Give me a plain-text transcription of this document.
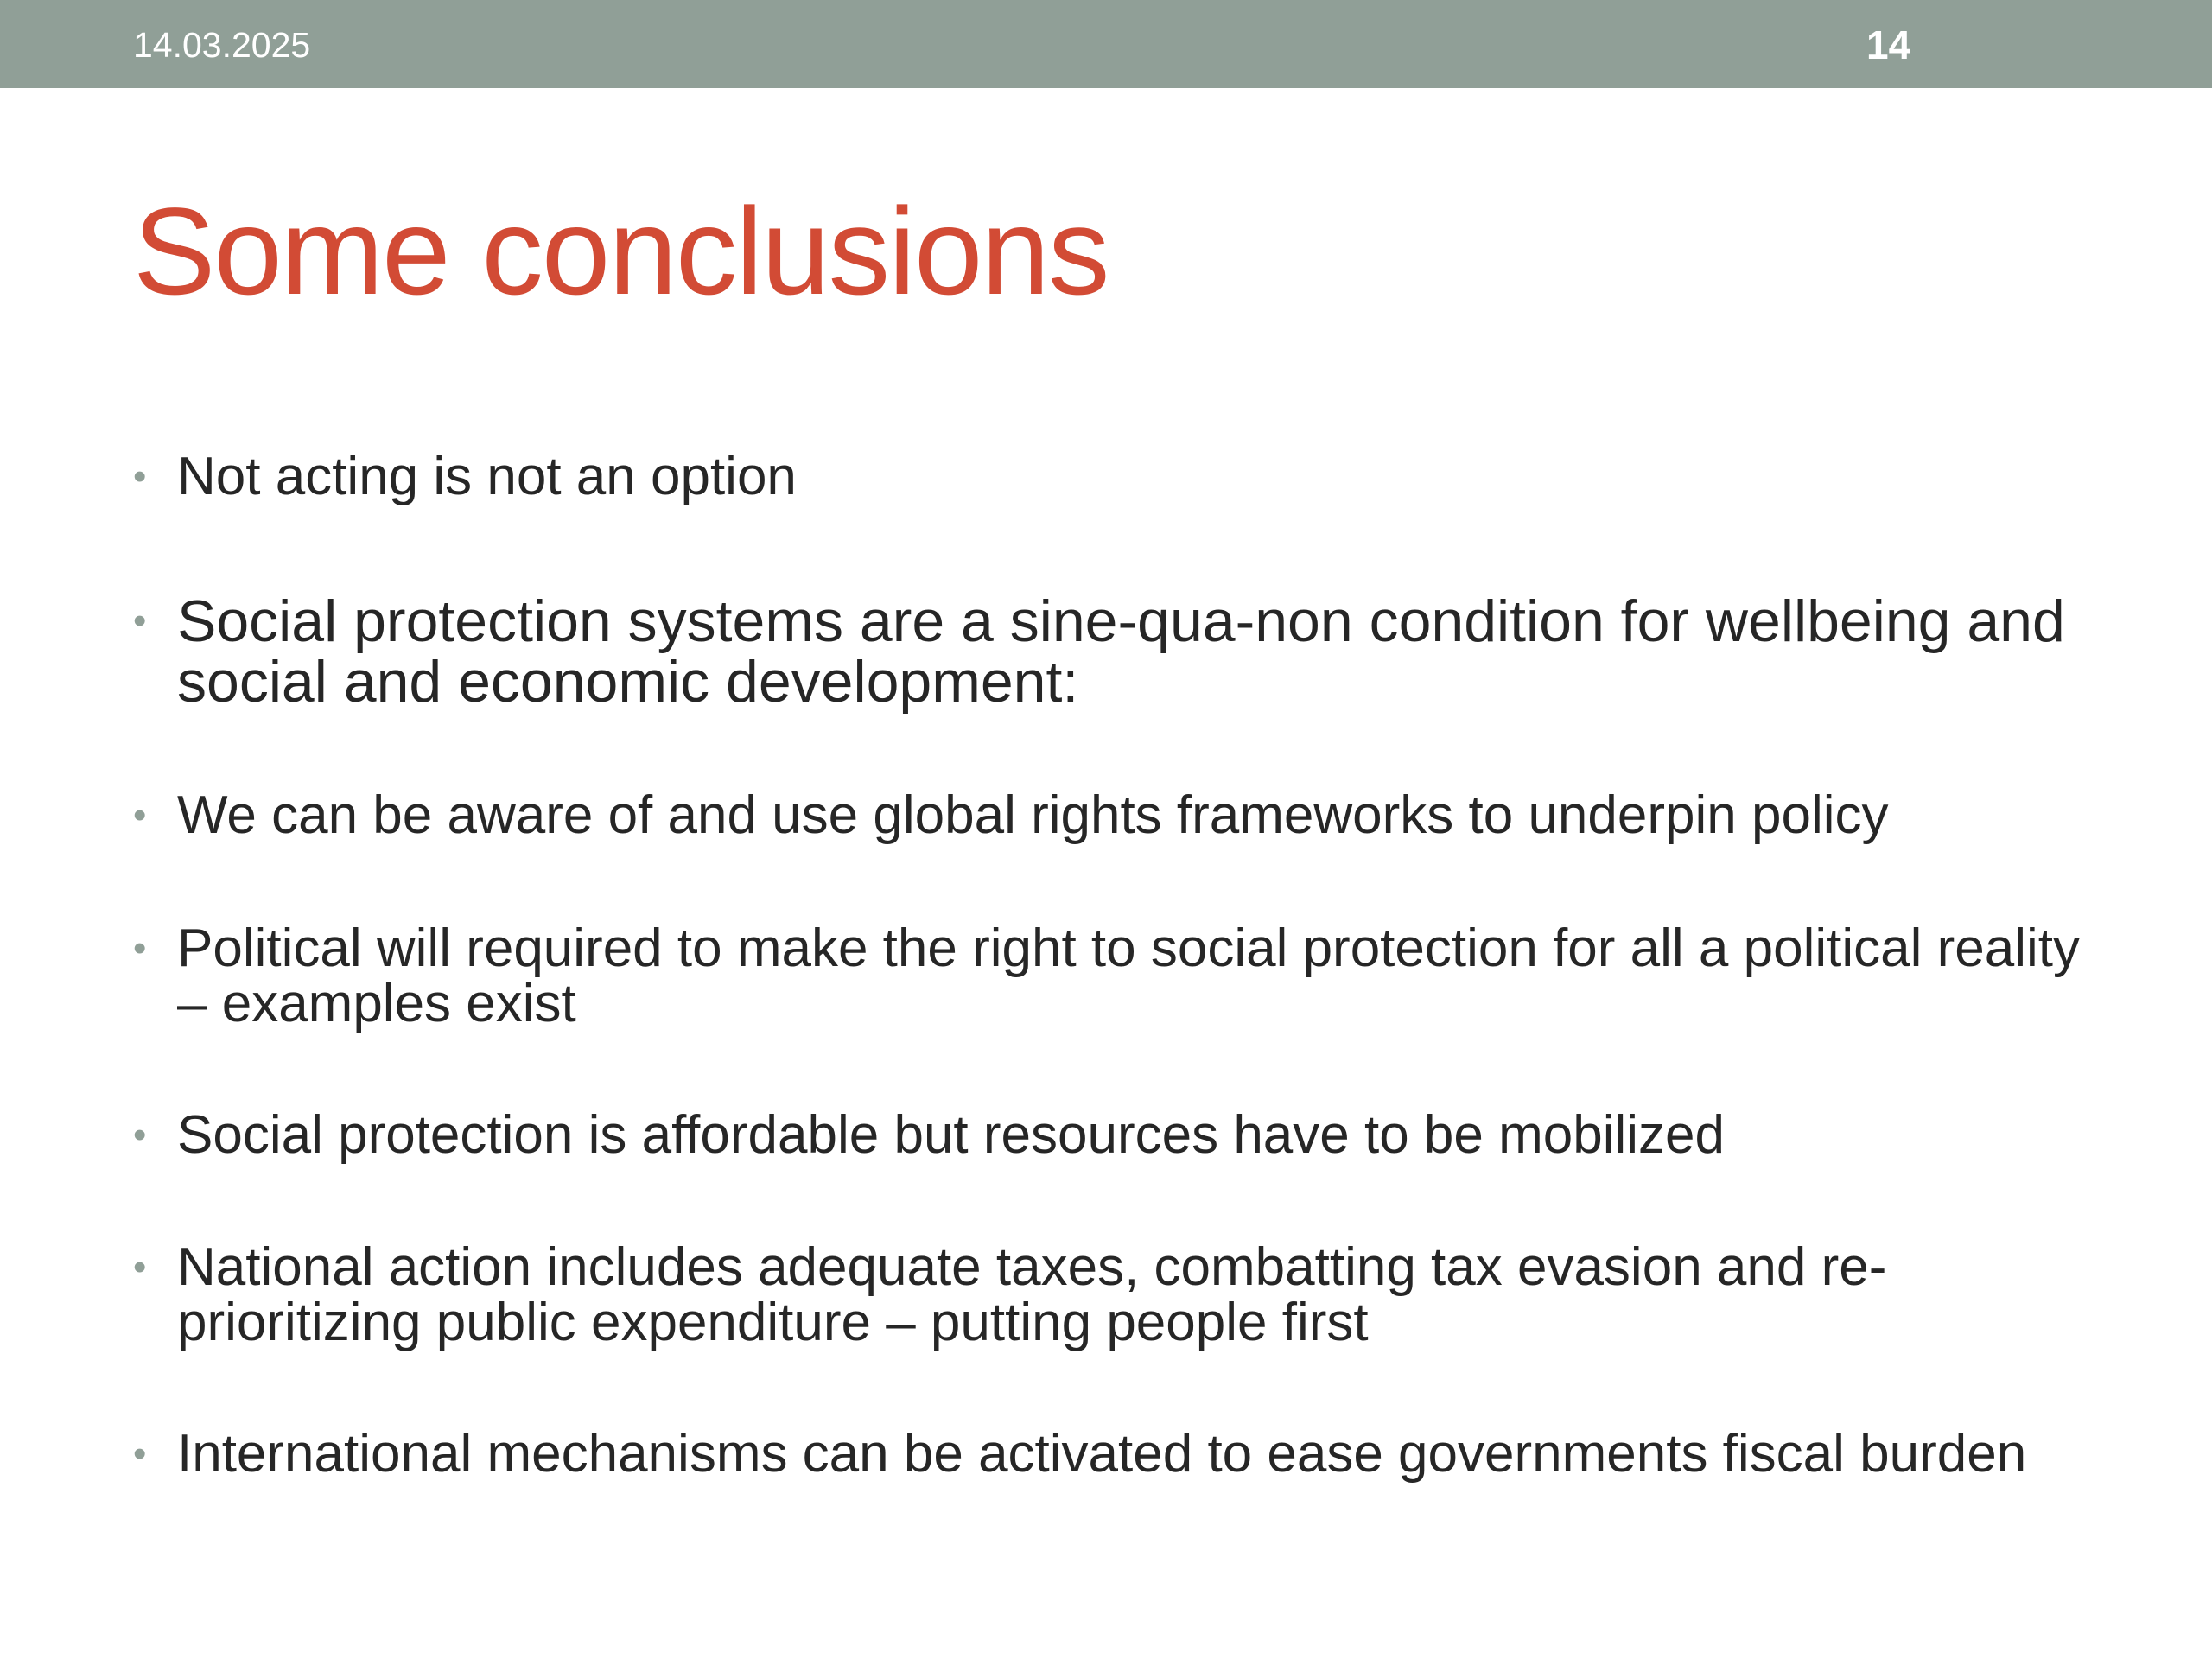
14.03.2025	14
Some conclusions
• Not acting is not an option
• Social protection systems are a sine-qua-non condition for wellbeing and social and economic development:
• We can be aware of and use global rights frameworks to underpin policy
• Political will required to make the right to social protection for all a political reality – examples exist
• Social protection is affordable but resources have to be mobilized
• National action includes adequate taxes, combatting tax evasion and re-prioritizing public expenditure – putting people first
• International mechanisms can be activated to ease governments fiscal burden
